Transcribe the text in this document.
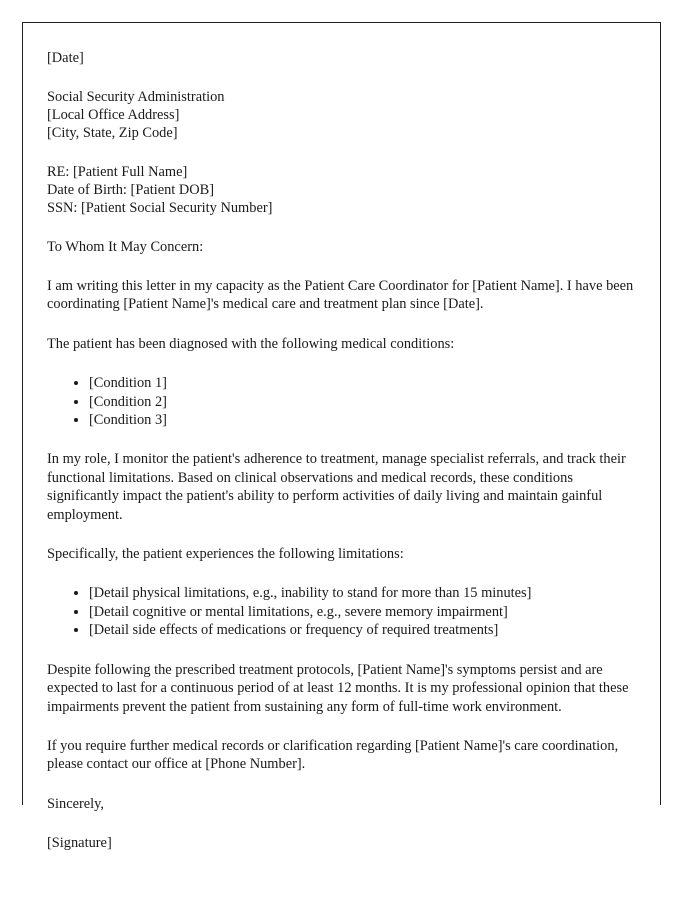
[Date]

Social Security Administration

[Local Office Address]

[City, State, Zip Code]

RE: [Patient Full Name]

Date of Birth: [Patient DOB]

SSN: [Patient Social Security Number]

To Whom It May Concern:

I am writing this letter in my capacity as the Patient Care Coordinator for [Patient Name]. I have been coordinating [Patient Name]'s medical care and treatment plan since [Date].

The patient has been diagnosed with the following medical conditions:

• [Condition 1]
• [Condition 2]
• [Condition 3]

In my role, I monitor the patient's adherence to treatment, manage specialist referrals, and track their functional limitations. Based on clinical observations and medical records, these conditions significantly impact the patient's ability to perform activities of daily living and maintain gainful employment.

Specifically, the patient experiences the following limitations:

• [Detail physical limitations, e.g., inability to stand for more than 15 minutes]
• [Detail cognitive or mental limitations, e.g., severe memory impairment]
• [Detail side effects of medications or frequency of required treatments]

Despite following the prescribed treatment protocols, [Patient Name]'s symptoms persist and are expected to last for a continuous period of at least 12 months. It is my professional opinion that these impairments prevent the patient from sustaining any form of full-time work environment.

If you require further medical records or clarification regarding [Patient Name]'s care coordination, please contact our office at [Phone Number].

Sincerely,

[Signature]
